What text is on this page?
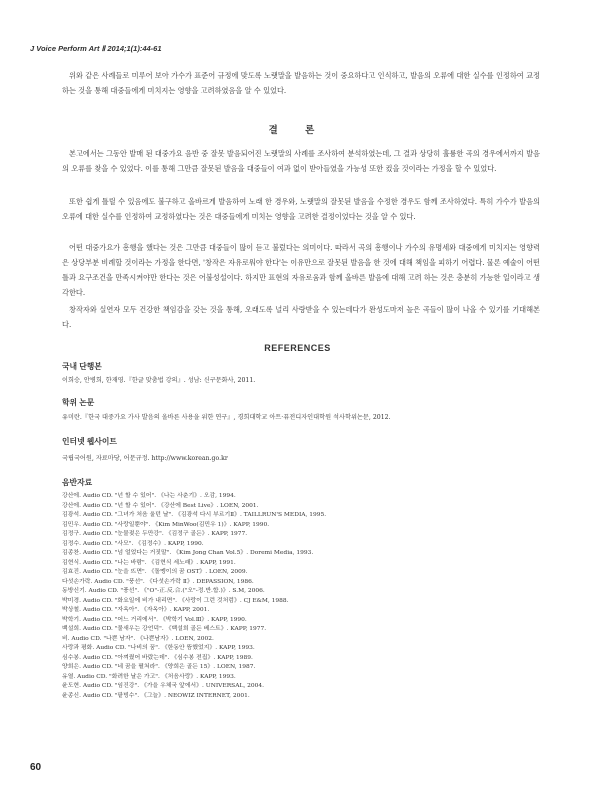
J Voice Perform Art Ⅱ 2014;1(1):44-61

위와 같은 사례들로 미루어 보아 가수가 표준어 규정에 맞도록 노랫말을 발음하는 것이 중요하다고 인식하고, 발음의 오류에 대한 실수를 인정하여 교정하는 것을 통해 대중들에게 미치지는 영향을 고려하였음을 알 수 있었다.

결 론

본고에서는 그동안 발매 된 대중가요 음반 중 잘못 발음되어진 노랫말의 사례를 조사하여 분석하였는데, 그 결과 상당히 훌륭한 곡의 경우에서까지 발음의 오류를 찾을 수 있었다. 이를 통해 그만큼 잘못된 발음을 대중들이 여과 없이 받아들였을 가능성 또한 컸을 것이라는 가정을 할 수 있었다.

또한 쉽게 틀릴 수 있음에도 불구하고 올바르게 발음하여 노래 한 경우와, 노랫말의 잘못된 발음을 수정한 경우도 함께 조사하였다. 특히 가수가 발음의 오류에 대한 실수를 인정하여 교정하였다는 것은 대중들에게 미치는 영향을 고려한 결정이었다는 것을 알 수 있다.

어떤 대중가요가 흥행을 했다는 것은 그만큼 대중들이 많이 듣고 불렀다는 의미이다. 따라서 곡의 흥행이나 가수의 유명세와 대중에게 미치지는 영향력은 상당부분 비례할 것이라는 가정을 한다면, '창작은 자유로워야 한다'는 이유만으로 잘못된 발음을 한 것에 대해 책임을 피하기 어렵다. 물론 예술이 어떤 틀과 요구조건을 만족시켜야만 한다는 것은 어불성설이다. 하지만 표현의 자유로움과 함께 올바른 발음에 대해 고려 하는 것은 충분히 가능한 일이라고 생각한다.

창작자와 실연자 모두 건강한 책임감을 갖는 것을 통해, 오래도록 널리 사랑받을 수 있는데다가 완성도마저 높은 곡들이 많이 나올 수 있기를 기대해본다.

REFERENCES
국내 단행본
이희승, 안병희, 한재영.『한글 맞춤법 강의』. 성남: 신구문화사, 2011.
학위 논문
유미란.『한국 대중가요 가사 발음의 올바른 사용을 위한 연구』, 경희대학교 아트·퓨전디자인대학원 석사학위논문, 2012.
인터넷 웹사이트
국립국어원, 자료마당, 어문규정. http://www.korean.go.kr
음반자료
강산에. Audio CD. "넌 할 수 있어". 《나는 사춘기》. 오감, 1994.
강산에. Audio CD. "넌 할 수 있어". 《강산에 Best Live》. LOEN, 2001.
김광석. Audio CD. "그녀가 처음 울던 날". 《김광석 다시 부르기Ⅱ》. TAILLRUN'S MEDIA, 1995.
김민우. Audio CD. "사랑일뿐야". 《Kim MinWoo(김민우 1)》. KAPP, 1990.
김정구. Audio CD. "눈물젖은 두만강". 《김정구 골든》. KAPP, 1977.
김정수. Audio CD. "사모". 《김정수》. KAPP, 1990.
김종찬. Audio CD. "넘 얼었다는 거짓말". 《Kim Jong Chan Vol.5》. Doremi Media, 1993.
김현식. Audio CD. "나는 바람". 《김현식 세노래》. KAPP, 1991.
김효진. Audio CD. "눈을 뜨면". 《돌멩이의 꿈 OST》. LOEN, 2009.
다섯손가락. Audio CD. "풍선". 《다섯손가락 Ⅱ》. DEPASSION, 1986.
동방신기. Audio CD. "풍선". 《"O"-正.反.合.("오"-정.반.합.)》. S.M, 2006.
박미경. Audio CD. "화요일에 비가 내리면". 《사랑이 그런 것처럼》. CJ E&M, 1988.
박상철. Audio CD. "자옥아". 《자옥아》. KAPP, 2001.
박학기. Audio CD. "어느 거리에서". 《박학기 Vol.Ⅲ》. KAPP, 1990.
백설희. Audio CD. "물새우는 강언덕". 《백설희 골든 베스트》. KAPP, 1977.
비. Audio CD. "나쁜 남자". 《나쁜남자》. LOEN, 2002.
사랑과 평화. Audio CD. "나비의 꿈". 《한동안 뜸했었지》. KAPP, 1993.
심수봉. Audio CD. "아껴줬어 바랐는데". 《심수봉 전집》. KAPP, 1989.
양희은. Audio CD. "네 꿈을 펼쳐라". 《양희은 골든 15》. LOEN, 1987.
유열. Audio CD. "화려한 날은 가고". 《처음사랑》. KAPP, 1993.
윤도현. Audio CD. "임진강". 《가을 우체국 앞에서》. UNIVERSAL, 2004.
윤종신. Audio CD. "팥빙수". 《그늘》. NEOWIZ INTERNET, 2001.
60
